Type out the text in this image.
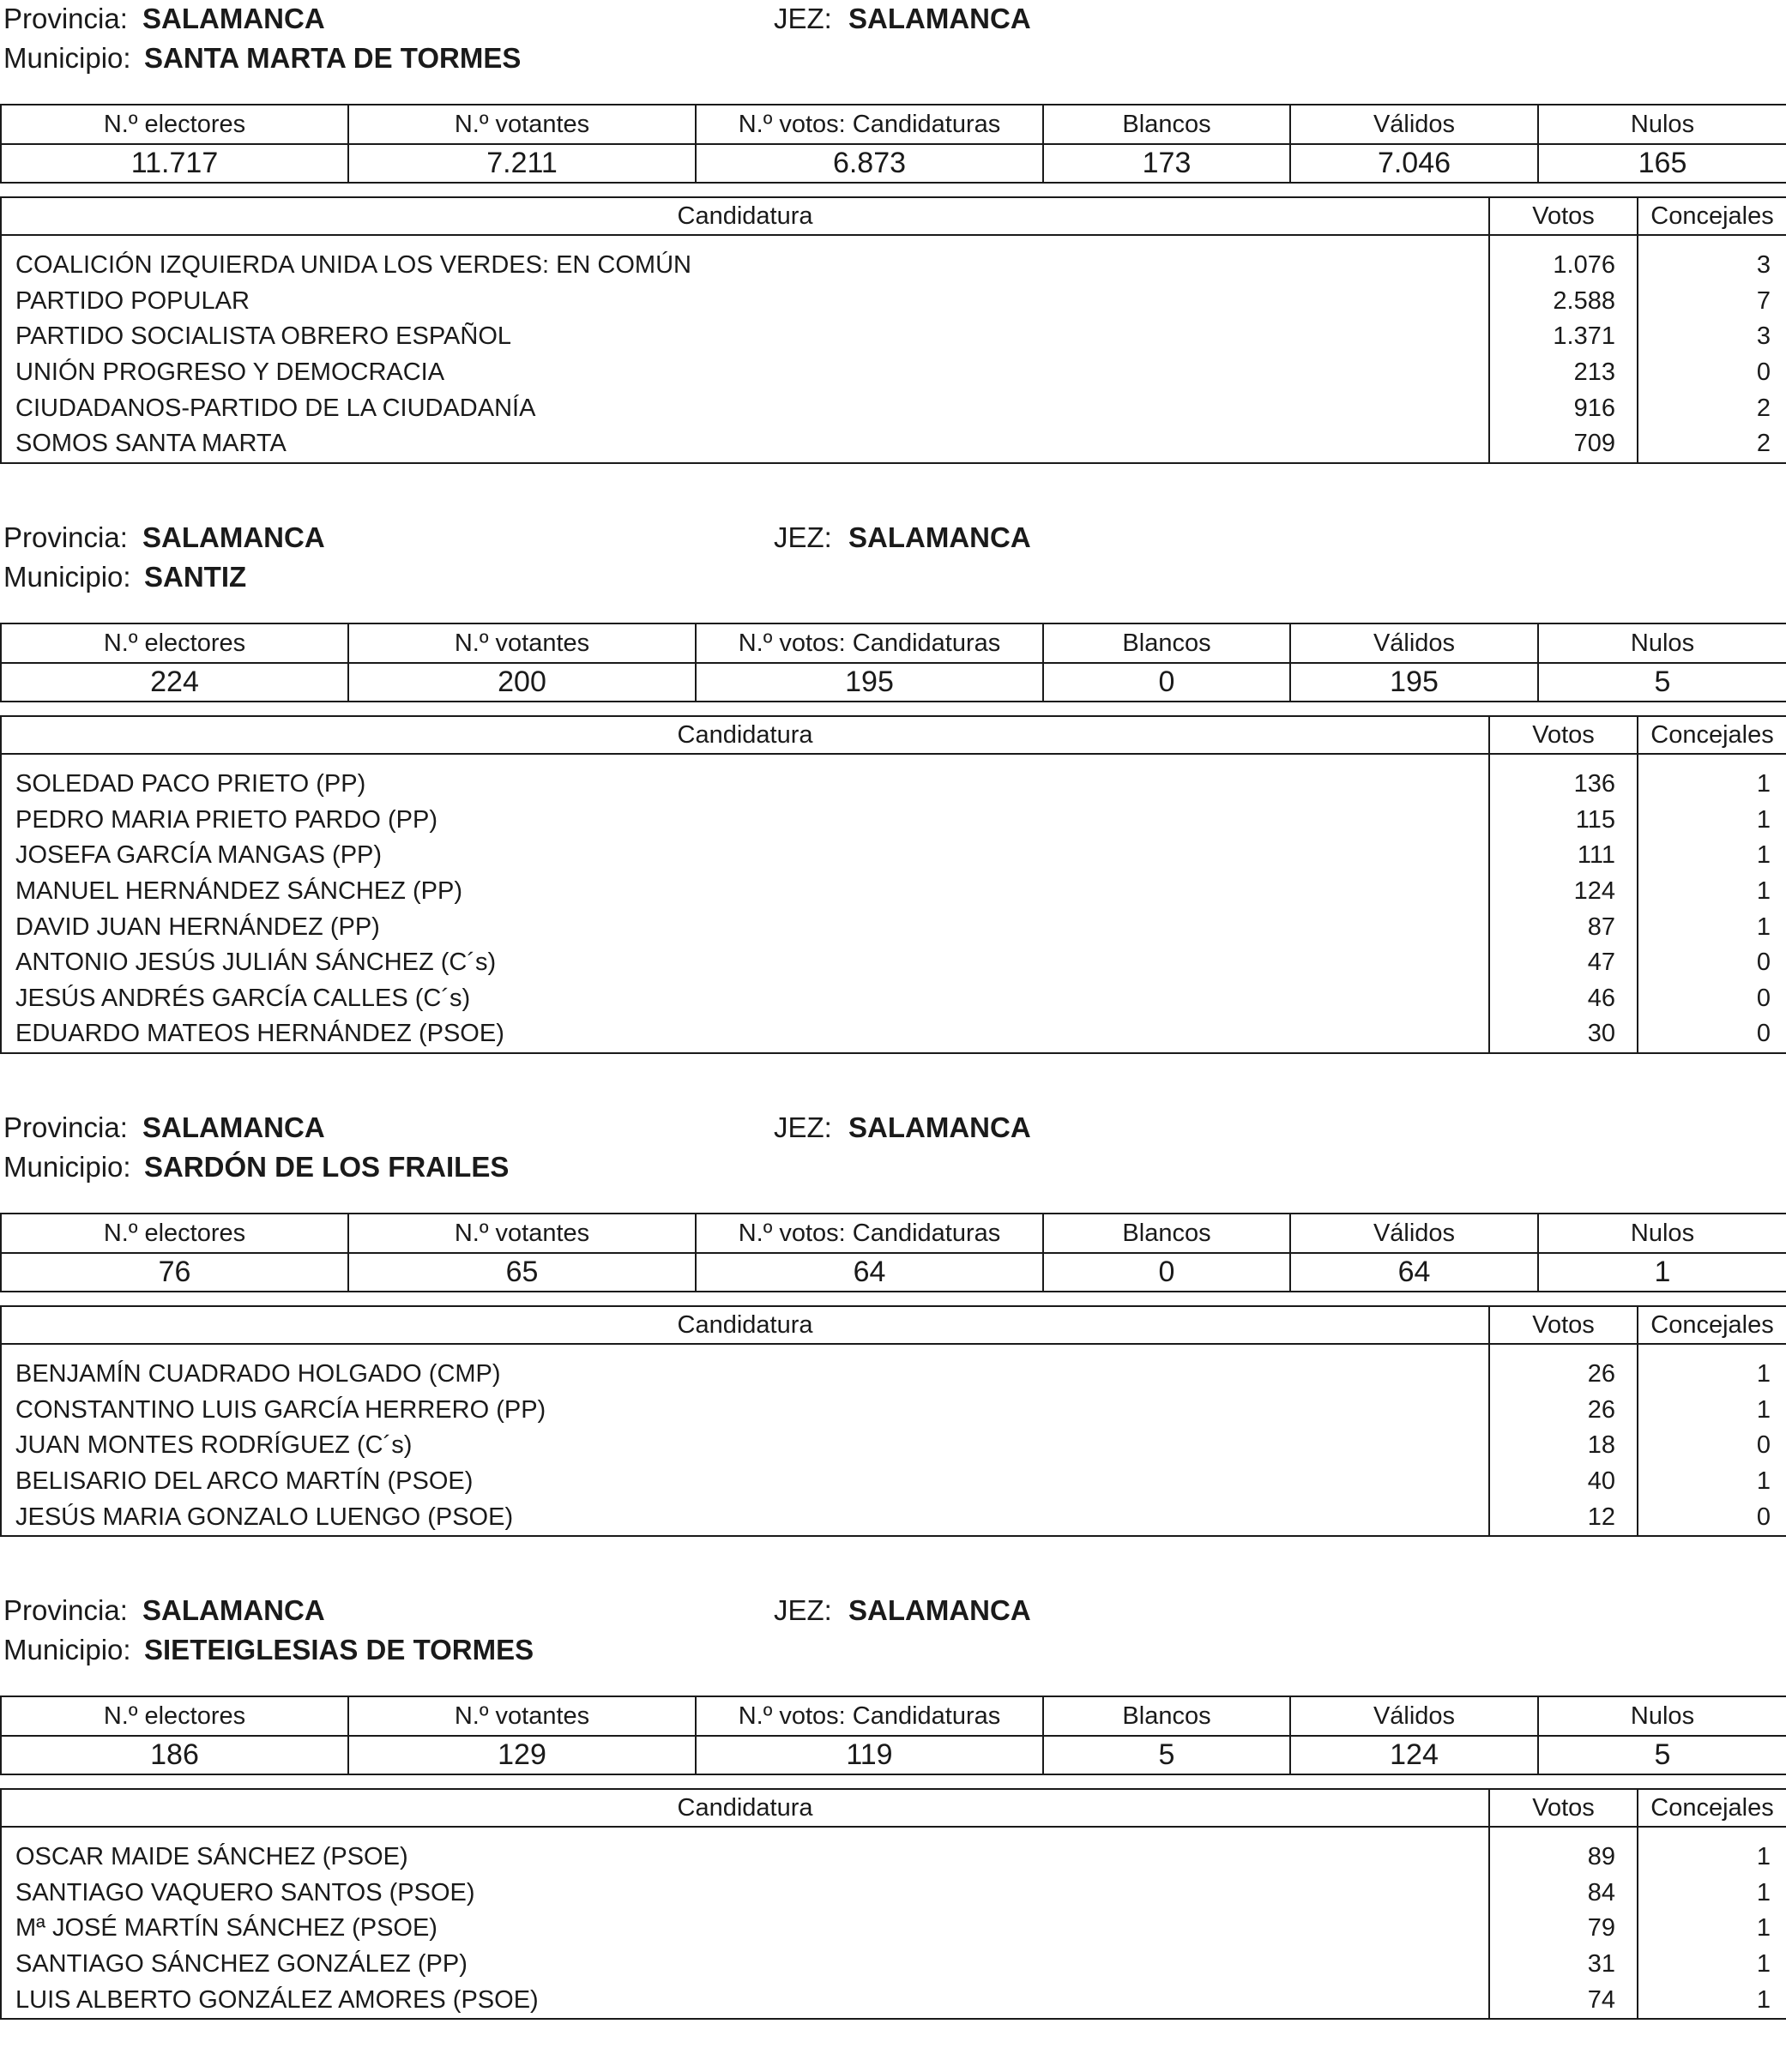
Provincia: SALAMANCA	JEZ: SALAMANCA
Municipio: SANTA MARTA DE TORMES
N.º electores	N.º votantes	N.º votos: Candidaturas	Blancos	Válidos	Nulos
11.717	7.211	6.873	173	7.046	165
Candidatura	Votos	Concejales
COALICIÓN IZQUIERDA UNIDA LOS VERDES: EN COMÚN	1.076	3
PARTIDO POPULAR	2.588	7
PARTIDO SOCIALISTA OBRERO ESPAÑOL	1.371	3
UNIÓN PROGRESO Y DEMOCRACIA	213	0
CIUDADANOS-PARTIDO DE LA CIUDADANÍA	916	2
SOMOS SANTA MARTA	709	2
Provincia: SALAMANCA	JEZ: SALAMANCA
Municipio: SANTIZ
N.º electores	N.º votantes	N.º votos: Candidaturas	Blancos	Válidos	Nulos
224	200	195	0	195	5
Candidatura	Votos	Concejales
SOLEDAD PACO PRIETO (PP)	136	1
PEDRO MARIA PRIETO PARDO (PP)	115	1
JOSEFA GARCÍA MANGAS (PP)	111	1
MANUEL HERNÁNDEZ SÁNCHEZ (PP)	124	1
DAVID JUAN HERNÁNDEZ (PP)	87	1
ANTONIO JESÚS JULIÁN SÁNCHEZ (C´s)	47	0
JESÚS ANDRÉS GARCÍA CALLES (C´s)	46	0
EDUARDO MATEOS HERNÁNDEZ (PSOE)	30	0
Provincia: SALAMANCA	JEZ: SALAMANCA
Municipio: SARDÓN DE LOS FRAILES
N.º electores	N.º votantes	N.º votos: Candidaturas	Blancos	Válidos	Nulos
76	65	64	0	64	1
Candidatura	Votos	Concejales
BENJAMÍN CUADRADO HOLGADO (CMP)	26	1
CONSTANTINO LUIS GARCÍA HERRERO (PP)	26	1
JUAN MONTES RODRÍGUEZ (C´s)	18	0
BELISARIO DEL ARCO MARTÍN (PSOE)	40	1
JESÚS MARIA GONZALO LUENGO (PSOE)	12	0
Provincia: SALAMANCA	JEZ: SALAMANCA
Municipio: SIETEIGLESIAS DE TORMES
N.º electores	N.º votantes	N.º votos: Candidaturas	Blancos	Válidos	Nulos
186	129	119	5	124	5
Candidatura	Votos	Concejales
OSCAR MAIDE SÁNCHEZ (PSOE)	89	1
SANTIAGO VAQUERO SANTOS (PSOE)	84	1
Mª JOSÉ MARTÍN SÁNCHEZ (PSOE)	79	1
SANTIAGO SÁNCHEZ GONZÁLEZ (PP)	31	1
LUIS ALBERTO GONZÁLEZ AMORES (PSOE)	74	1
